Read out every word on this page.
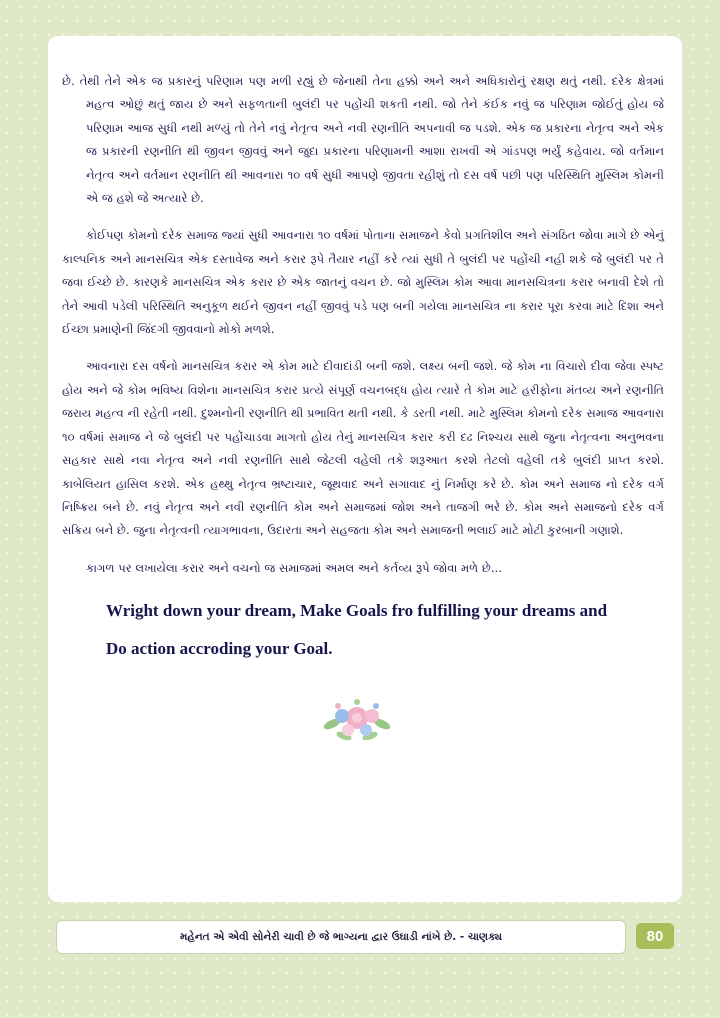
છે. તેથી તેને એક જ પ્રકારનું પરિણામ પણ મળી રહ્યું છે જેનાથી તેના હક્કો અને અને અધિકારોનું રક્ષણ થતું નથી. દરેક ક્ષેત્રમાં મહત્વ ઓછું થતું જાય છે અને સફળતાની બુલંદી પર પહોંચી શકતી નથી. જો તેને કંઈક નવું જ પરિણામ જોઈતું હોય જે પરિણામ આજ સુધી નથી મળ્યું તો તેને નવું નેતૃત્વ અને નવી રણનીતિ અપનાવી જ પડશે. એક જ પ્રકારના નેતૃત્વ અને એક જ પ્રકારની રણનીતિ થી જીવન જીવવું અને જુદા પ્રકારના પરિણામની આશા રાખવી એ ગાંડપણ ભર્યું કહેવાય. જો વર્તમાન નેતૃત્વ અને વર્તમાન રણનીતિ થી આવનારા ૧૦ વર્ષ સુધી આપણે જીવતા રહીશું તો દસ વર્ષ પછી પણ પરિસ્થિતિ મુસ્લિમ કોમની એ જ હશે જે અત્યારે છે.

કોઈપણ કોમનો દરેક સમાજ જ્યાં સુધી આવનારા ૧૦ વર્ષમાં પોતાના સમાજને કેવો પ્રગતિશીલ અને સંગઠિત જોવા માગે છે એનું કાલ્પનિક અને માનસચિત્ર એક દસ્તાવેજ અને કરાર રૂપે તૈયાર નહીં કરે ત્યાં સુધી તે બુલંદી પર પહોંચી નહી શકે જે બુલંદી પર તે જવા ઈચ્છે છે. કારણકે માનસચિત્ર એક કરાર છે એક જાતનું વચન છે. જો મુસ્લિમ કોમ આવા માનસચિત્રના કરાર બનાવી દેશે તો તેને આવી પડેલી પરિસ્થિતિ અનુકૂળ થઈને જીવન નહીં જીવવું પડે પણ બની ગયેલા માનસચિત્ર ના કરાર પૂરા કરવા માટે દિશા અને ઈચ્છા પ્રમાણેની જિંદગી જીવવાનો મોકો મળશે.

આવનારા દસ વર્ષનો માનસચિત્ર કરાર એ કોમ માટે દીવાદાંડી બની જશે. લક્ષ્ય બની જશે. જે કોમ ના વિચારો દીવા જેવા સ્પષ્ટ હોય અને જે કોમ ભવિષ્ય વિશેના માનસચિત્ર કરાર પ્રત્યે સંપૂર્ણ વચનબદ્ધ હોય ત્યારે તે કોમ માટે હરીફોના મંતવ્ય અને રણનીતિ જરાય મહત્વ ની રહેતી નથી. દુશ્મનોની રણનીતિ થી પ્રભાવિત થતી નથી. કે ડરતી નથી. માટે મુસ્લિમ કોમનો દરેક સમાજ આવનારા ૧૦ વર્ષમાં સમાજ ને જે બુલંદી પર પહોંચાડવા માગતો હોય તેનું માનસચિત્ર કરાર કરી દઢ નિશ્ચય સાથે જુના નેતૃત્વના અનુભવના સહકાર સાથે નવા નેતૃત્વ અને નવી રણનીતિ સાથે જેટલી વહેલી તકે શરૂઆત કરશે તેટલો વહેલી તકે બુલંદી પ્રાપ્ત કરશે. કાબેલિયત હાસિલ કરશે. એક હથ્થુ નેતૃત્વ ભ્રષ્ટાચાર, જૂથવાદ અને સગાવાદ નું નિર્માણ કરે છે. કોમ અને સમાજ નો દરેક વર્ગ નિષ્ક્રિય બને છે. નવું નેતૃત્વ અને નવી રણનીતિ કોમ અને સમાજમાં જોશ અને તાજગી ભરે છે. કોમ અને સમાજનો દરેક વર્ગ સક્રિય બને છે. જુના નેતૃત્વની ત્યાગભાવના, ઉદારતા અને સહજતા કોમ અને સમાજની ભલાઈ માટે મોટી કુરબાની ગણાશે.

કાગળ પર લખાયેલા કરાર અને વચનો જ સમાજમાં અમલ અને કર્તવ્ય રૂપે જોવા મળે છે...

Wright down your dream, Make Goals fro fulfilling your dreams and
Do action accroding your Goal.
મહેનત એ એવી સોનેરી ચાવી છે જે ભાગ્યના દ્વાર ઉઘાડી નાંખે છે. - ચાણક્ય	80
